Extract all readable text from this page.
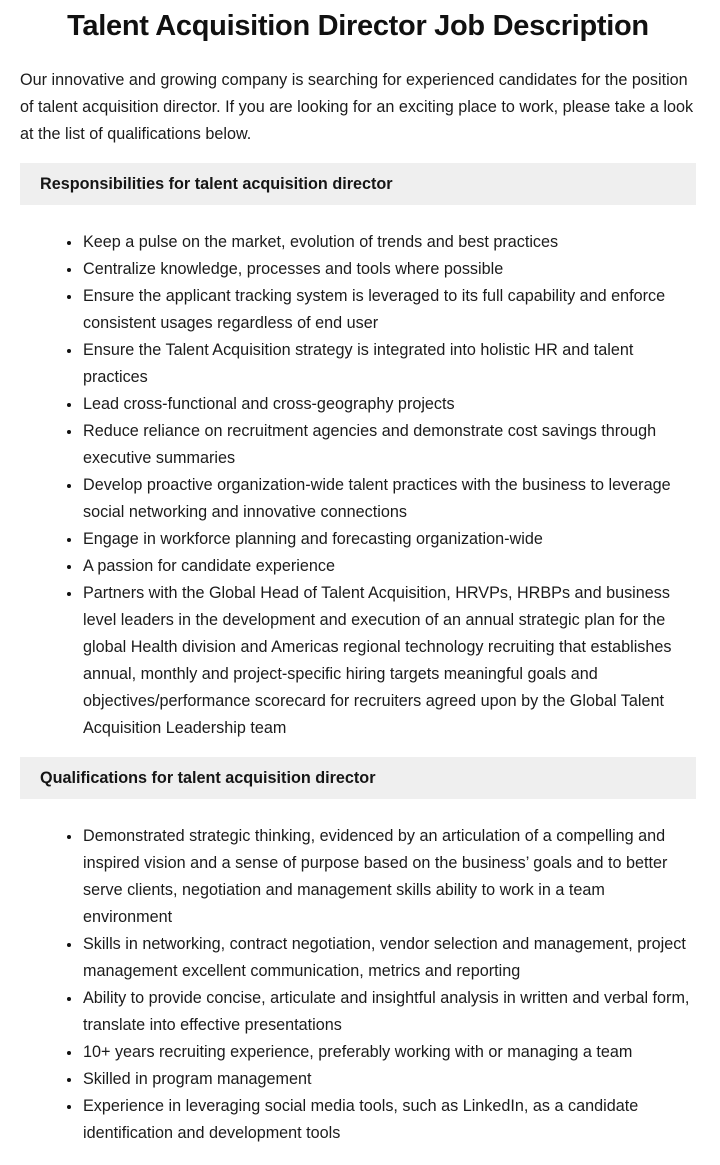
Talent Acquisition Director Job Description

Our innovative and growing company is searching for experienced candidates for the position of talent acquisition director. If you are looking for an exciting place to work, please take a look at the list of qualifications below.

Responsibilities for talent acquisition director
• Keep a pulse on the market, evolution of trends and best practices
• Centralize knowledge, processes and tools where possible
• Ensure the applicant tracking system is leveraged to its full capability and enforce consistent usages regardless of end user
• Ensure the Talent Acquisition strategy is integrated into holistic HR and talent practices
• Lead cross-functional and cross-geography projects
• Reduce reliance on recruitment agencies and demonstrate cost savings through executive summaries
• Develop proactive organization-wide talent practices with the business to leverage social networking and innovative connections
• Engage in workforce planning and forecasting organization-wide
• A passion for candidate experience
• Partners with the Global Head of Talent Acquisition, HRVPs, HRBPs and business level leaders in the development and execution of an annual strategic plan for the global Health division and Americas regional technology recruiting that establishes annual, monthly and project-specific hiring targets meaningful goals and objectives/performance scorecard for recruiters agreed upon by the Global Talent Acquisition Leadership team
Qualifications for talent acquisition director
• Demonstrated strategic thinking, evidenced by an articulation of a compelling and inspired vision and a sense of purpose based on the business’ goals and to better serve clients, negotiation and management skills ability to work in a team environment
• Skills in networking, contract negotiation, vendor selection and management, project management excellent communication, metrics and reporting
• Ability to provide concise, articulate and insightful analysis in written and verbal form, translate into effective presentations
• 10+ years recruiting experience, preferably working with or managing a team
• Skilled in program management
• Experience in leveraging social media tools, such as LinkedIn, as a candidate identification and development tools
